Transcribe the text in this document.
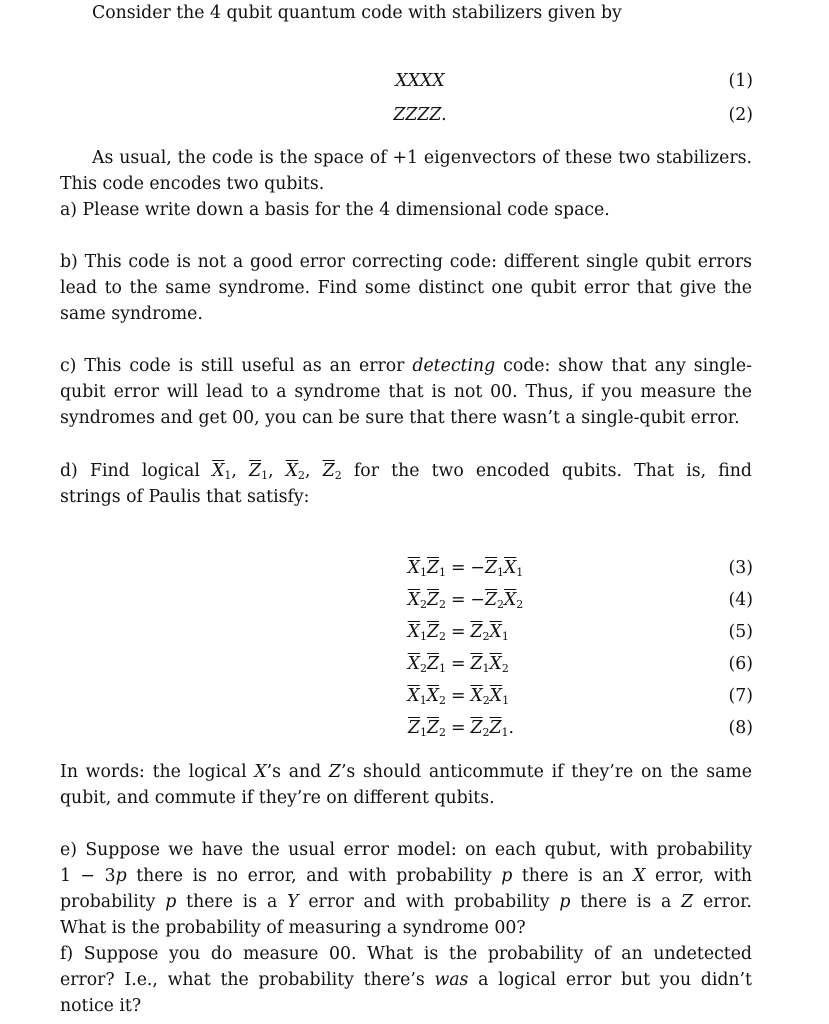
Consider the 4 qubit quantum code with stabilizers given by
XXXX	(1)
ZZZZ.	(2)
As usual, the code is the space of +1 eigenvectors of these two stabilizers.
This code encodes two qubits.
a) Please write down a basis for the 4 dimensional code space.
b) This code is not a good error correcting code: different single qubit errors
lead to the same syndrome. Find some distinct one qubit error that give the
same syndrome.
c) This code is still useful as an error detecting code: show that any single-
qubit error will lead to a syndrome that is not 00. Thus, if you measure the
syndromes and get 00, you can be sure that there wasn’t a single-qubit error.
d) Find logical $\overline{X}_1$, $\overline{Z}_1$, $\overline{X}_2$, $\overline{Z}_2$ for the two encoded qubits. That is, find
strings of Paulis that satisfy:
$\overline{X}_1\overline{Z}_1 = -\overline{Z}_1\overline{X}_1$	(3)
$\overline{X}_2\overline{Z}_2 = -\overline{Z}_2\overline{X}_2$	(4)
$\overline{X}_1\overline{Z}_2 = \overline{Z}_2\overline{X}_1$	(5)
$\overline{X}_2\overline{Z}_1 = \overline{Z}_1\overline{X}_2$	(6)
$\overline{X}_1\overline{X}_2 = \overline{X}_2\overline{X}_1$	(7)
$\overline{Z}_1\overline{Z}_2 = \overline{Z}_2\overline{Z}_1$.	(8)
In words: the logical X’s and Z’s should anticommute if they’re on the same
qubit, and commute if they’re on different qubits.
e) Suppose we have the usual error model: on each qubut, with probability
1 − 3p there is no error, and with probability p there is an X error, with
probability p there is a Y error and with probability p there is a Z error.
What is the probability of measuring a syndrome 00?
f) Suppose you do measure 00. What is the probability of an undetected
error? I.e., what the probability there’s was a logical error but you didn’t
notice it?
